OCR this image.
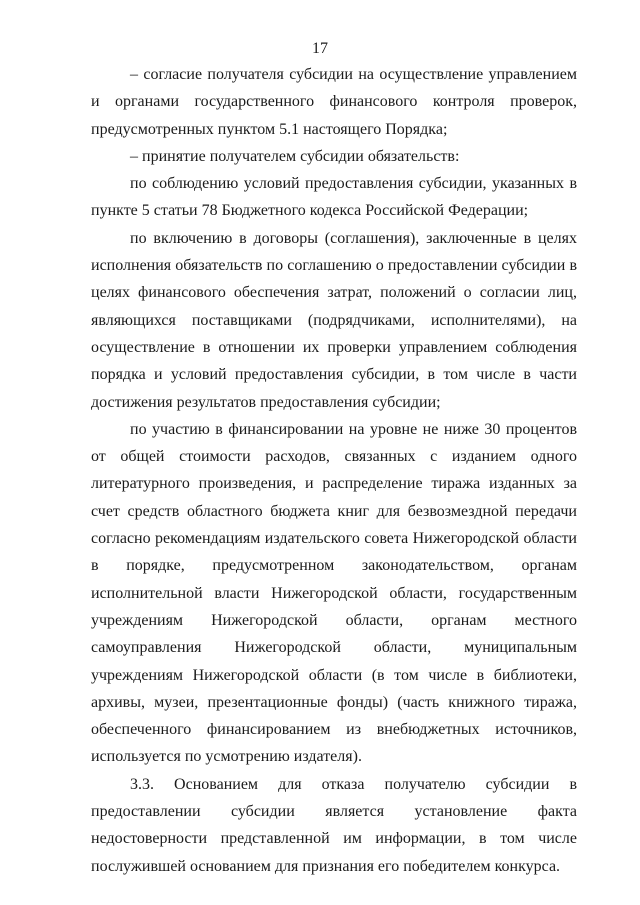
17

– согласие получателя субсидии на осуществление управлением и органами государственного финансового контроля проверок, предусмотренных пунктом 5.1 настоящего Порядка;

– принятие получателем субсидии обязательств:

по соблюдению условий предоставления субсидии, указанных в пункте 5 статьи 78 Бюджетного кодекса Российской Федерации;

по включению в договоры (соглашения), заключенные в целях исполнения обязательств по соглашению о предоставлении субсидии в целях финансового обеспечения затрат, положений о согласии лиц, являющихся поставщиками (подрядчиками, исполнителями), на осуществление в отношении их проверки управлением соблюдения порядка и условий предоставления субсидии, в том числе в части достижения результатов предоставления субсидии;

по участию в финансировании на уровне не ниже 30 процентов от общей стоимости расходов, связанных с изданием одного литературного произведения, и распределение тиража изданных за счет средств областного бюджета книг для безвозмездной передачи согласно рекомендациям издательского совета Нижегородской области в порядке, предусмотренном законодательством, органам исполнительной власти Нижегородской области, государственным учреждениям Нижегородской области, органам местного самоуправления Нижегородской области, муниципальным учреждениям Нижегородской области (в том числе в библиотеки, архивы, музеи, презентационные фонды) (часть книжного тиража, обеспеченного финансированием из внебюджетных источников, используется по усмотрению издателя).

3.3. Основанием для отказа получателю субсидии в предоставлении субсидии является установление факта недостоверности представленной им информации, в том числе послужившей основанием для признания его победителем конкурса.
